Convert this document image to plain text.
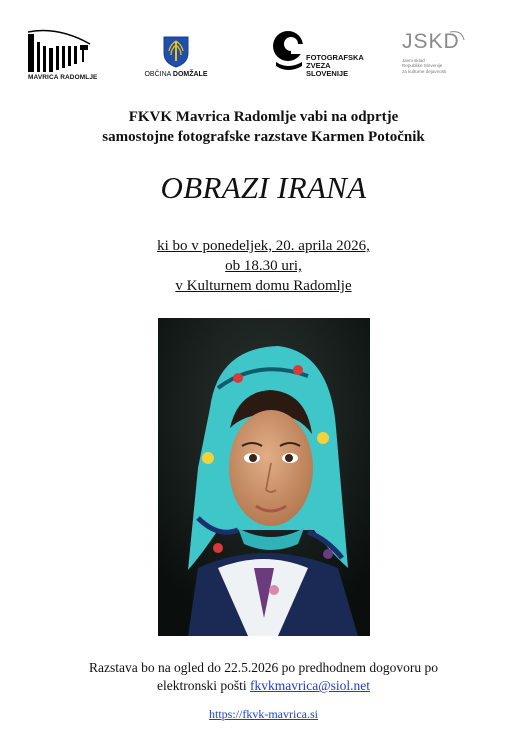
MAVRICA RADOMLJE	OBČINA DOMŽALE
FOTOGRAFSKA
ZVEZA
SLOVENIJE
JSKD
Javni sklad
Republike Slovenije
za kulturne dejavnosti
FKVK Mavrica Radomlje vabi na odprtje
samostojne fotografske razstave Karmen Potočnik
OBRAZI IRANA
ki bo v ponedeljek, 20. aprila 2026,
ob 18.30 uri,
v Kulturnem domu Radomlje
Razstava bo na ogled do 22.5.2026 po predhodnem dogovoru po
elektronski pošti fkvkmavrica@siol.net
https://fkvk-mavrica.si
